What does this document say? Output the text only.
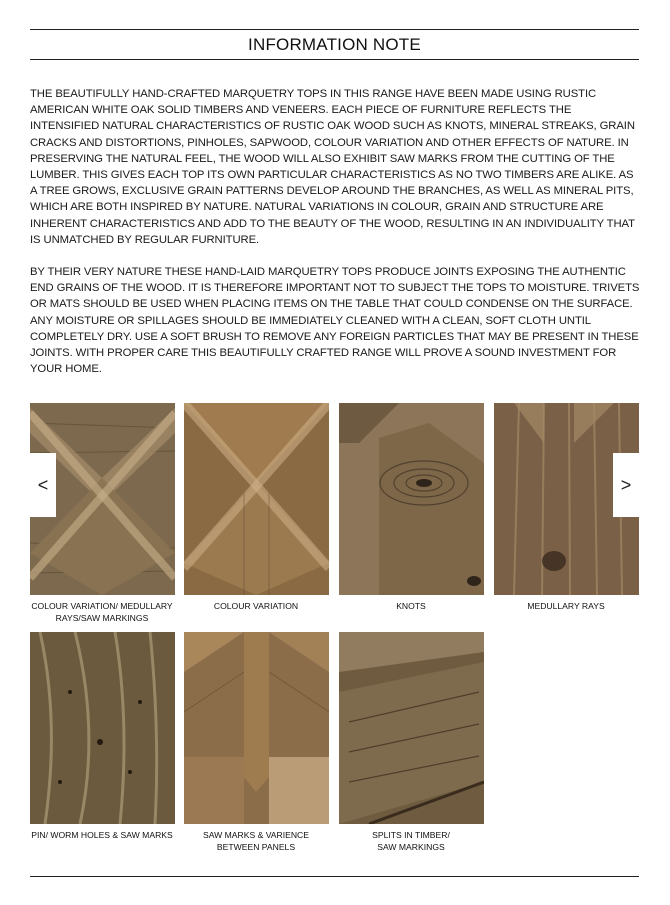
INFORMATION NOTE

THE BEAUTIFULLY HAND-CRAFTED MARQUETRY TOPS IN THIS RANGE HAVE BEEN MADE USING RUSTIC AMERICAN WHITE OAK SOLID TIMBERS AND VENEERS. EACH PIECE OF FURNITURE REFLECTS THE INTENSIFIED NATURAL CHARACTERISTICS OF RUSTIC OAK WOOD SUCH AS KNOTS, MINERAL STREAKS, GRAIN CRACKS AND DISTORTIONS, PINHOLES, SAPWOOD, COLOUR VARIATION AND OTHER EFFECTS OF NATURE. IN PRESERVING THE NATURAL FEEL, THE WOOD WILL ALSO EXHIBIT SAW MARKS FROM THE CUTTING OF THE LUMBER. THIS GIVES EACH TOP ITS OWN PARTICULAR CHARACTERISTICS AS NO TWO TIMBERS ARE ALIKE. AS A TREE GROWS, EXCLUSIVE GRAIN PATTERNS DEVELOP AROUND THE BRANCHES, AS WELL AS MINERAL PITS, WHICH ARE BOTH INSPIRED BY NATURE. NATURAL VARIATIONS IN COLOUR, GRAIN AND STRUCTURE ARE INHERENT CHARACTERISTICS AND ADD TO THE BEAUTY OF THE WOOD, RESULTING IN AN INDIVIDUALITY THAT IS UNMATCHED BY REGULAR FURNITURE.

BY THEIR VERY NATURE THESE HAND-LAID MARQUETRY TOPS PRODUCE JOINTS EXPOSING THE AUTHENTIC END GRAINS OF THE WOOD. IT IS THEREFORE IMPORTANT NOT TO SUBJECT THE TOPS TO MOISTURE. TRIVETS OR MATS SHOULD BE USED WHEN PLACING ITEMS ON THE TABLE THAT COULD CONDENSE ON THE SURFACE. ANY MOISTURE OR SPILLAGES SHOULD BE IMMEDIATELY CLEANED WITH A CLEAN, SOFT CLOTH UNTIL COMPLETELY DRY. USE A SOFT BRUSH TO REMOVE ANY FOREIGN PARTICLES THAT MAY BE PRESENT IN THESE JOINTS. WITH PROPER CARE THIS BEAUTIFULLY CRAFTED RANGE WILL PROVE A SOUND INVESTMENT FOR YOUR HOME.

COLOUR VARIATION/ MEDULLARY
RAYS/SAW MARKINGS
COLOUR VARIATION	KNOTS	MEDULLARY RAYS
PIN/ WORM HOLES & SAW MARKS	SAW MARKS & VARIENCE
BETWEEN PANELS
SPLITS IN TIMBER/
SAW MARKINGS
<	>
